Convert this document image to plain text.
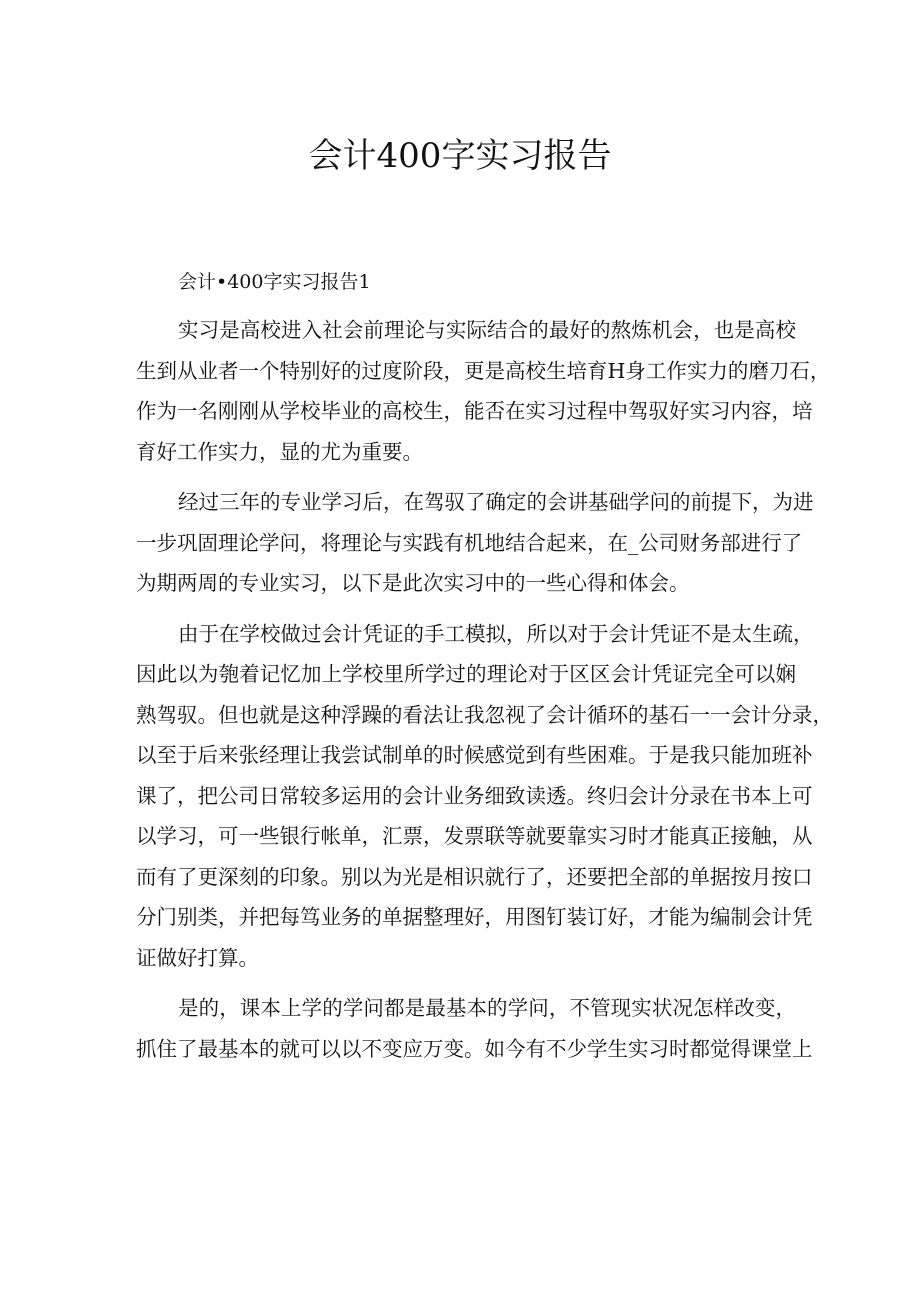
会计400字实习报告
会计•400字实习报告1
实习是高校进入社会前理论与实际结合的最好的熬炼机会，也是高校
生到从业者一个特别好的过度阶段，更是高校生培育H身工作实力的磨刀石，
作为一名刚刚从学校毕业的高校生，能否在实习过程中驾驭好实习内容，培
育好工作实力，显的尤为重要。
经过三年的专业学习后，在驾驭了确定的会讲基础学问的前提下，为进
一步巩固理论学问，将理论与实践有机地结合起来，在_公司财务部进行了
为期两周的专业实习，以下是此次实习中的一些心得和体会。
由于在学校做过会计凭证的手工模拟，所以对于会计凭证不是太生疏，
因此以为匏着记忆加上学校里所学过的理论对于区区会计凭证完全可以娴
熟驾驭。但也就是这种浮躁的看法让我忽视了会计循环的基石一一会计分录，
以至于后来张经理让我尝试制单的时候感觉到有些困难。于是我只能加班补
课了，把公司日常较多运用的会计业务细致读透。终归会计分录在书本上可
以学习，可一些银行帐单，汇票，发票联等就要靠实习时才能真正接触，从
而有了更深刻的印象。别以为光是相识就行了，还要把全部的单据按月按口
分门别类，并把每笃业务的单据整理好，用图钉装订好，才能为编制会计凭
证做好打算。
是的，课本上学的学问都是最基本的学问，不管现实状况怎样改变，
抓住了最基本的就可以以不变应万变。如今有不少学生实习时都觉得课堂上
